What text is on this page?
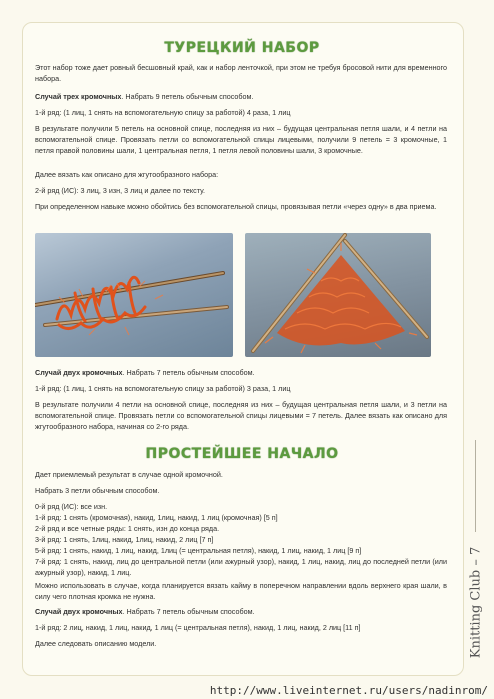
ТУРЕЦКИЙ НАБОР
Этот набор тоже дает ровный бесшовный край, как и набор ленточкой, при этом не требуя бросовой нити для временного набора.
Случай трех кромочных. Набрать 9 петель обычным способом.
1-й ряд: (1 лиц, 1 снять на вспомогательную спицу за работой) 4 раза, 1 лиц
В результате получили 5 петель на основной спице, последняя из них – будущая центральная петля шали, и 4 петли на вспомогательной спице. Провязать петли со вспомогательной спицы лицевыми, получили 9 петель = 3 кромочные, 1 петля правой половины шали, 1 центральная петля, 1 петля левой половины шали, 3 кромочные.
Далее вязать как описано для жгутообразного набора:
2-й ряд (ИС): 3 лиц, 3 изн, 3 лиц и далее по тексту.
При определенном навыке можно обойтись без вспомогательной спицы, провязывая петли «через одну» в два приема.
Случай двух кромочных. Набрать 7 петель обычным способом.
1-й ряд: (1 лиц, 1 снять на вспомогательную спицу за работой) 3 раза, 1 лиц
В результате получили 4 петли на основной спице, последняя из них – будущая центральная петля шали, и 3 петли на вспомогательной спице. Провязать петли со вспомогательной спицы лицевыми = 7 петель. Далее вязать как описано для жгутообразного набора, начиная со 2-го ряда.
ПРОСТЕЙШЕЕ НАЧАЛО
Дает приемлемый результат в случае одной кромочной.
Набрать 3 петли обычным способом.
0-й ряд (ИС): все изн.
1-й ряд: 1 снять (кромочная), накид, 1лиц, накид, 1 лиц (кромочная) [5 п]
2-й ряд и все четные ряды: 1 снять, изн до конца ряда.
3-й ряд: 1 снять, 1лиц, накид, 1лиц, накид, 2 лиц [7 п]
5-й ряд: 1 снять, накид, 1 лиц, накид, 1лиц (= центральная петля), накид, 1 лиц, накид, 1 лиц [9 п]
7-й ряд: 1 снять, накид, лиц до центральной петли (или ажурный узор), накид, 1 лиц, накид, лиц до последней петли (или ажурный узор), накид, 1 лиц.
Можно использовать в случае, когда планируется вязать кайму в поперечном направлении вдоль верхнего края шали, в силу чего плотная кромка не нужна.
Случай двух кромочных. Набрать 7 петель обычным способом.
1-й ряд: 2 лиц, накид, 1 лиц, накид, 1 лиц (= центральная петля), накид, 1 лиц, накид, 2 лиц [11 п]
Далее следовать описанию модели.	Knitting Club – 7
http://www.liveinternet.ru/users/nadinrom/
